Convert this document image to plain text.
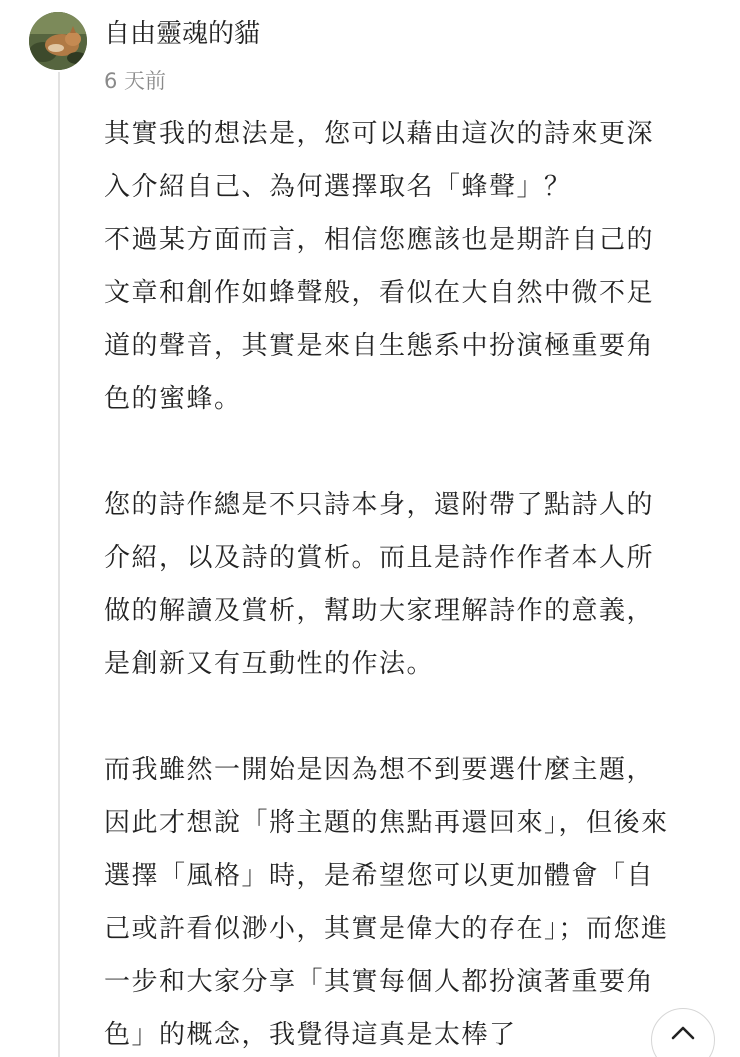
自由靈魂的貓
6 天前
其實我的想法是，您可以藉由這次的詩來更深
入介紹自己、為何選擇取名「蜂聲」？
不過某方面而言，相信您應該也是期許自己的
文章和創作如蜂聲般，看似在大自然中微不足
道的聲音，其實是來自生態系中扮演極重要角
色的蜜蜂。
您的詩作總是不只詩本身，還附帶了點詩人的
介紹，以及詩的賞析。而且是詩作作者本人所
做的解讀及賞析，幫助大家理解詩作的意義，
是創新又有互動性的作法。
而我雖然一開始是因為想不到要選什麼主題，
因此才想說「將主題的焦點再還回來」，但後來
選擇「風格」時，是希望您可以更加體會「自
己或許看似渺小，其實是偉大的存在」；而您進
一步和大家分享「其實每個人都扮演著重要角
色」的概念，我覺得這真是太棒了
